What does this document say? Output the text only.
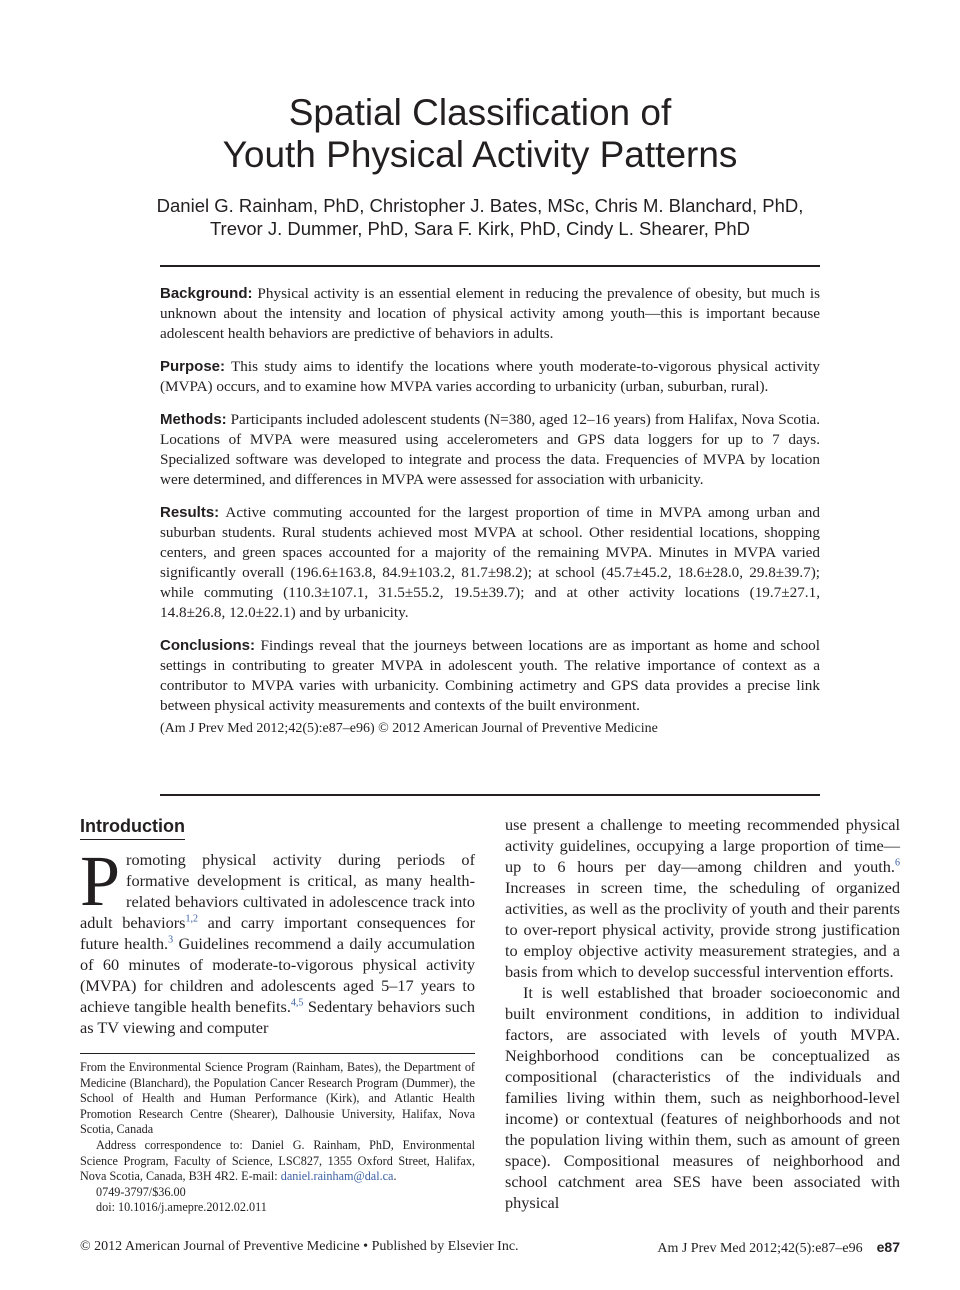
Spatial Classification of
Youth Physical Activity Patterns
Daniel G. Rainham, PhD, Christopher J. Bates, MSc, Chris M. Blanchard, PhD,
Trevor J. Dummer, PhD, Sara F. Kirk, PhD, Cindy L. Shearer, PhD

Background: Physical activity is an essential element in reducing the prevalence of obesity, but much is unknown about the intensity and location of physical activity among youth—this is important because adolescent health behaviors are predictive of behaviors in adults.

Purpose: This study aims to identify the locations where youth moderate-to-vigorous physical activity (MVPA) occurs, and to examine how MVPA varies according to urbanicity (urban, suburban, rural).

Methods: Participants included adolescent students (N=380, aged 12–16 years) from Halifax, Nova Scotia. Locations of MVPA were measured using accelerometers and GPS data loggers for up to 7 days. Specialized software was developed to integrate and process the data. Frequencies of MVPA by location were determined, and differences in MVPA were assessed for association with urbanicity.

Results: Active commuting accounted for the largest proportion of time in MVPA among urban and suburban students. Rural students achieved most MVPA at school. Other residential locations, shopping centers, and green spaces accounted for a majority of the remaining MVPA. Minutes in MVPA varied significantly overall (196.6±163.8, 84.9±103.2, 81.7±98.2); at school (45.7±45.2, 18.6±28.0, 29.8±39.7); while commuting (110.3±107.1, 31.5±55.2, 19.5±39.7); and at other activity locations (19.7±27.1, 14.8±26.8, 12.0±22.1) and by urbanicity.

Conclusions: Findings reveal that the journeys between locations are as important as home and school settings in contributing to greater MVPA in adolescent youth. The relative importance of context as a contributor to MVPA varies with urbanicity. Combining actimetry and GPS data provides a precise link between physical activity measurements and contexts of the built environment.

(Am J Prev Med 2012;42(5):e87–e96) © 2012 American Journal of Preventive Medicine
Introduction

Promoting physical activity during periods of formative development is critical, as many health-related behaviors cultivated in adolescence track into adult behaviors$^{1,2}$ and carry important consequences for future health.$^3$ Guidelines recommend a daily accumulation of 60 minutes of moderate-to-vigorous physical activity (MVPA) for children and adolescents aged 5–17 years to achieve tangible health benefits.$^{4,5}$ Sedentary behaviors such as TV viewing and computer

From the Environmental Science Program (Rainham, Bates), the Department of Medicine (Blanchard), the Population Cancer Research Program (Dummer), the School of Health and Human Performance (Kirk), and Atlantic Health Promotion Research Centre (Shearer), Dalhousie University, Halifax, Nova Scotia, Canada

Address correspondence to: Daniel G. Rainham, PhD, Environmental Science Program, Faculty of Science, LSC827, 1355 Oxford Street, Halifax, Nova Scotia, Canada, B3H 4R2. E-mail: daniel.rainham@dal.ca.

0749-3797/$36.00

doi: 10.1016/j.amepre.2012.02.011

use present a challenge to meeting recommended physical activity guidelines, occupying a large proportion of time—up to 6 hours per day—among children and youth.$^6$ Increases in screen time, the scheduling of organized activities, as well as the proclivity of youth and their parents to over-report physical activity, provide strong justification to employ objective activity measurement strategies, and a basis from which to develop successful intervention efforts.

It is well established that broader socioeconomic and built environment conditions, in addition to individual factors, are associated with levels of youth MVPA. Neighborhood conditions can be conceptualized as compositional (characteristics of the individuals and families living within them, such as neighborhood-level income) or contextual (features of neighborhoods and not the population living within them, such as amount of green space). Compositional measures of neighborhood and school catchment area SES have been associated with physical

© 2012 American Journal of Preventive Medicine • Published by Elsevier Inc.	Am J Prev Med 2012;42(5):e87–e96 e87
